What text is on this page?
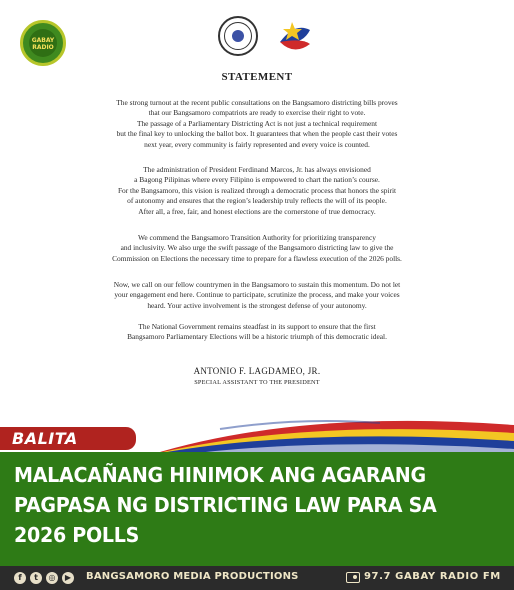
GABAY
RADIO
STATEMENT
The strong turnout at the recent public consultations on the Bangsamoro districting bills proves
that our Bangsamoro compatriots are ready to exercise their right to vote.
The passage of a Parliamentary Districting Act is not just a technical requirement
but the final key to unlocking the ballot box. It guarantees that when the people cast their votes
next year, every community is fairly represented and every voice is counted.
The administration of President Ferdinand Marcos, Jr. has always envisioned
a Bagong Pilipinas where every Filipino is empowered to chart the nation’s course.
For the Bangsamoro, this vision is realized through a democratic process that honors the spirit
of autonomy and ensures that the region’s leadership truly reflects the will of its people.
After all, a free, fair, and honest elections are the cornerstone of true democracy.
We commend the Bangsamoro Transition Authority for prioritizing transparency
and inclusivity. We also urge the swift passage of the Bangsamoro districting law to give the
Commission on Elections the necessary time to prepare for a flawless execution of the 2026 polls.
Now, we call on our fellow countrymen in the Bangsamoro to sustain this momentum. Do not let
your engagement end here. Continue to participate, scrutinize the process, and make your voices
heard. Your active involvement is the strongest defense of your autonomy.
The National Government remains steadfast in its support to ensure that the first
Bangsamoro Parliamentary Elections will be a historic triumph of this democratic ideal.
ANTONIO F. LAGDAMEO, JR.
SPECIAL ASSISTANT TO THE PRESIDENT
BALITA
MALACAÑANG HINIMOK ANG AGARANG PAGPASA NG DISTRICTING LAW PARA SA 2026 POLLS
f	t	◎	▶ BANGSAMORO MEDIA PRODUCTIONS	97.7 GABAY RADIO FM
